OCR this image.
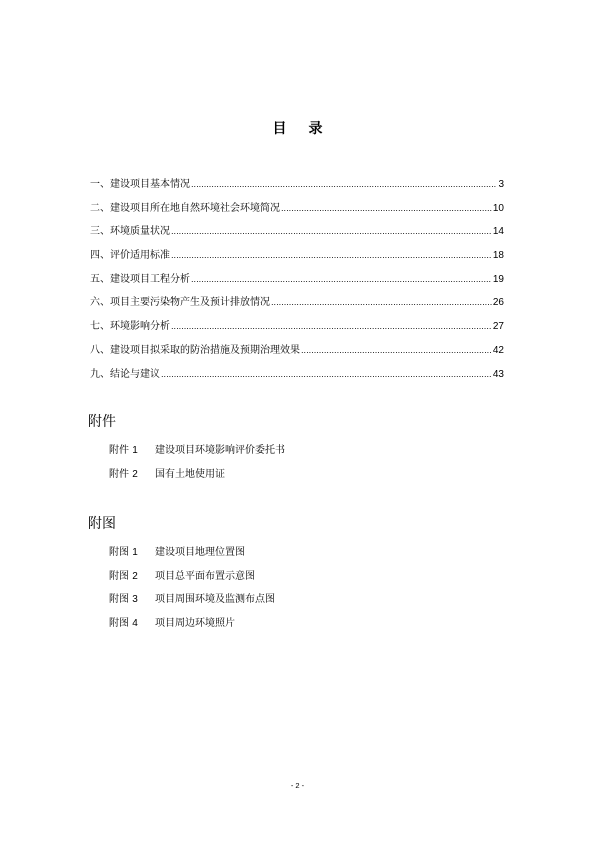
目 录
一、建设项目基本情况 .....	3
二、建设项目所在地自然环境社会环境简况 .....	10
三、环境质量状况 .....	14
四、评价适用标准 .....	18
五、建设项目工程分析 .....	19
六、项目主要污染物产生及预计排放情况 .....	26
七、环境影响分析 .....	27
八、建设项目拟采取的防治措施及预期治理效果 .....	42
九、结论与建议 .....	43
附件
附件 1	建设项目环境影响评价委托书
附件 2	国有土地使用证
附图
附图 1	建设项目地理位置图
附图 2	项目总平面布置示意图
附图 3	项目周围环境及监测布点图
附图 4	项目周边环境照片
- 2 -
